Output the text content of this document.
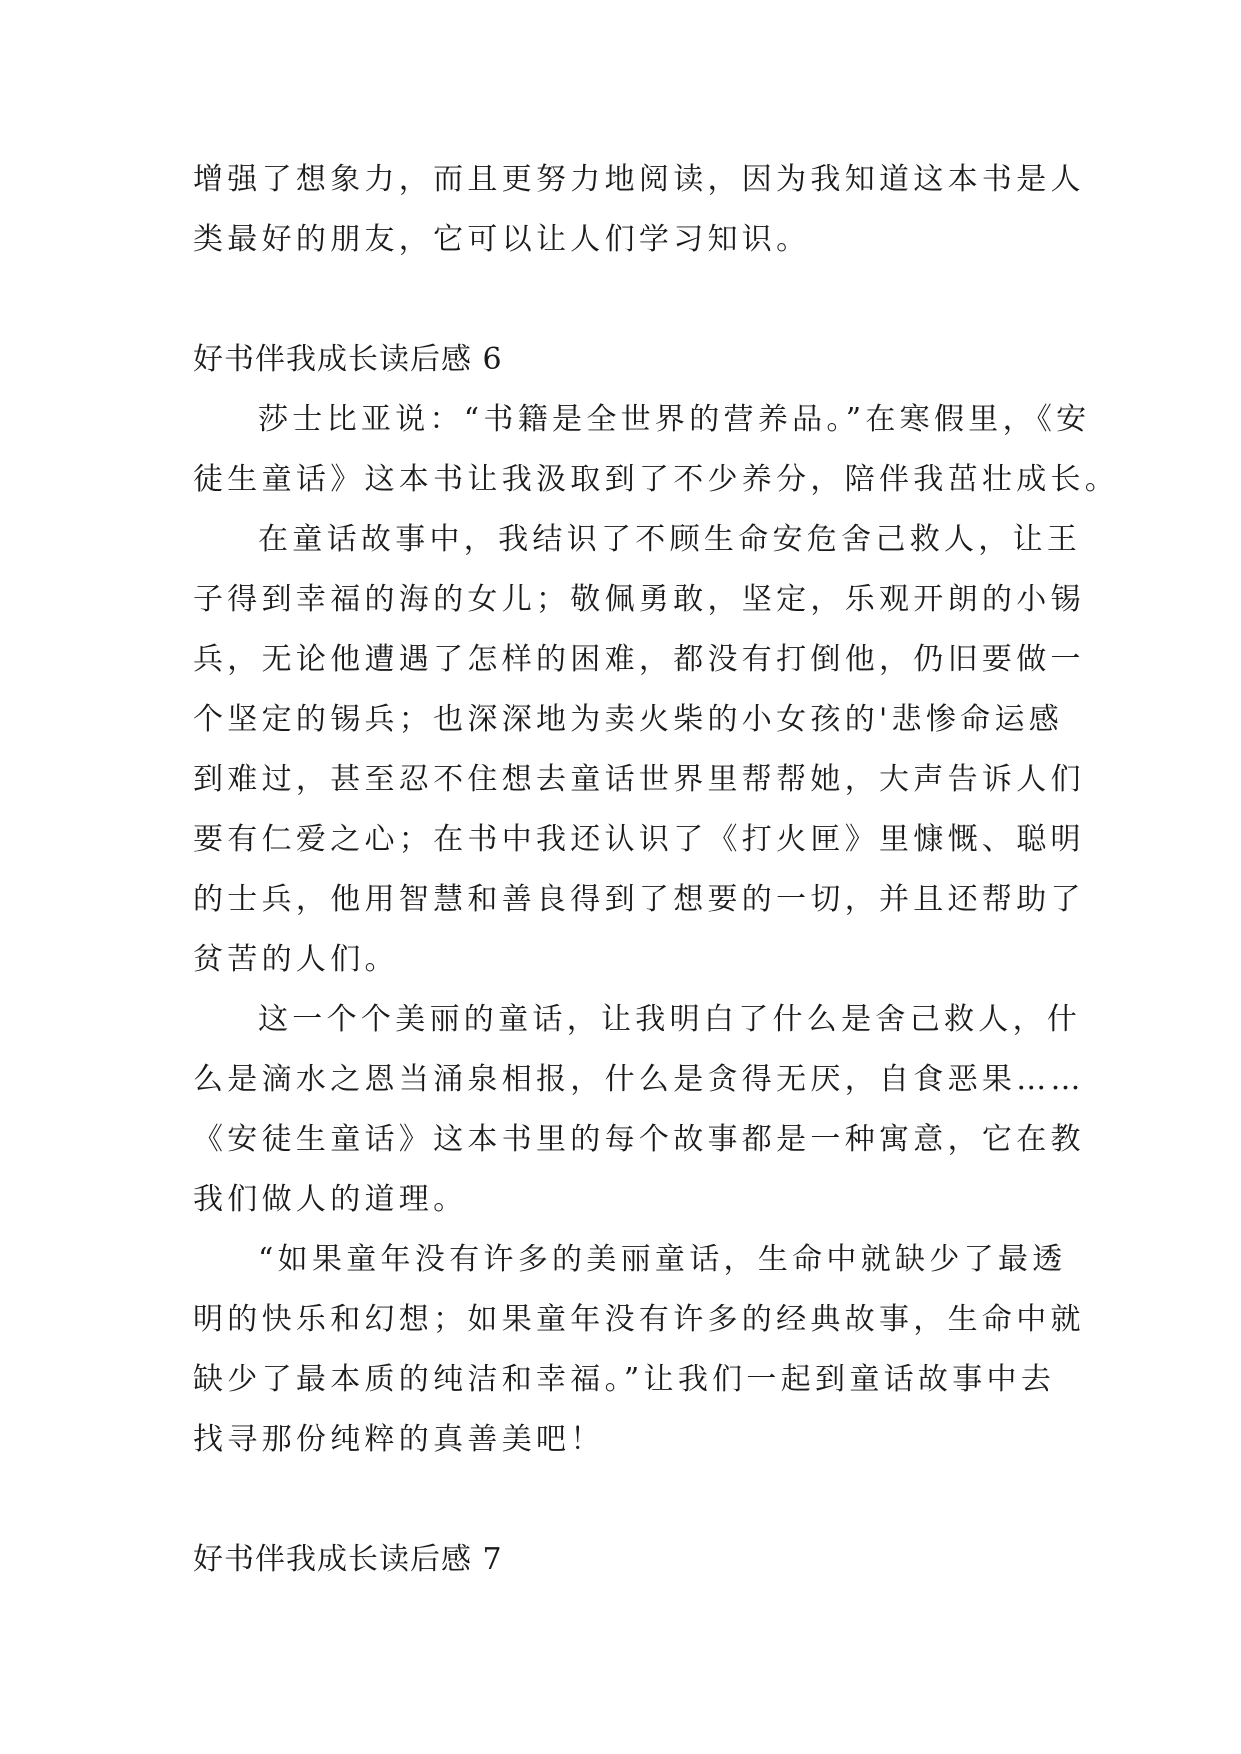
增强了想象力，而且更努力地阅读，因为我知道这本书是人
类最好的朋友，它可以让人们学习知识。
好书伴我成长读后感 6
莎士比亚说：“书籍是全世界的营养品。”在寒假里，《安
徒生童话》这本书让我汲取到了不少养分，陪伴我茁壮成长。
在童话故事中，我结识了不顾生命安危舍己救人，让王
子得到幸福的海的女儿；敬佩勇敢，坚定，乐观开朗的小锡
兵，无论他遭遇了怎样的困难，都没有打倒他，仍旧要做一
个坚定的锡兵；也深深地为卖火柴的小女孩的'悲惨命运感
到难过，甚至忍不住想去童话世界里帮帮她，大声告诉人们
要有仁爱之心；在书中我还认识了《打火匣》里慷慨、聪明
的士兵，他用智慧和善良得到了想要的一切，并且还帮助了
贫苦的人们。
这一个个美丽的童话，让我明白了什么是舍己救人，什
么是滴水之恩当涌泉相报，什么是贪得无厌，自食恶果……
《安徒生童话》这本书里的每个故事都是一种寓意，它在教
我们做人的道理。
“如果童年没有许多的美丽童话，生命中就缺少了最透
明的快乐和幻想；如果童年没有许多的经典故事，生命中就
缺少了最本质的纯洁和幸福。”让我们一起到童话故事中去
找寻那份纯粹的真善美吧！
好书伴我成长读后感 7
